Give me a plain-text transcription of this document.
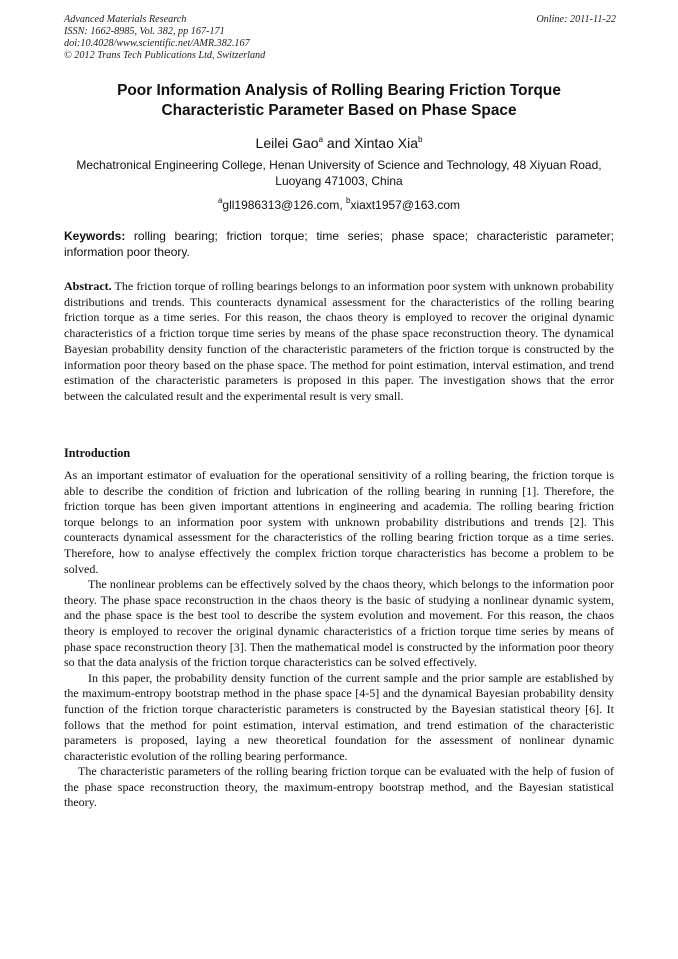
Advanced Materials Research
ISSN: 1662-8985, Vol. 382, pp 167-171
doi:10.4028/www.scientific.net/AMR.382.167
© 2012 Trans Tech Publications Ltd, Switzerland
Online: 2011-11-22
Poor Information Analysis of Rolling Bearing Friction Torque
Characteristic Parameter Based on Phase Space
Leilei Gao$^a$ and Xintao Xia$^b$
Mechatronical Engineering College, Henan University of Science and Technology, 48 Xiyuan Road,
Luoyang 471003, China
$^a$gll1986313@126.com, $^b$xiaxt1957@163.com
Keywords: rolling bearing; friction torque; time series; phase space; characteristic parameter; information poor theory.
Abstract. The friction torque of rolling bearings belongs to an information poor system with unknown probability distributions and trends. This counteracts dynamical assessment for the characteristics of the rolling bearing friction torque as a time series. For this reason, the chaos theory is employed to recover the original dynamic characteristics of a friction torque time series by means of the phase space reconstruction theory. The dynamical Bayesian probability density function of the characteristic parameters of the friction torque is constructed by the information poor theory based on the phase space. The method for point estimation, interval estimation, and trend estimation of the characteristic parameters is proposed in this paper. The investigation shows that the error between the calculated result and the experimental result is very small.
Introduction

As an important estimator of evaluation for the operational sensitivity of a rolling bearing, the friction torque is able to describe the condition of friction and lubrication of the rolling bearing in running [1]. Therefore, the friction torque has been given important attentions in engineering and academia. The rolling bearing friction torque belongs to an information poor system with unknown probability distributions and trends [2]. This counteracts dynamical assessment for the characteristics of the rolling bearing friction torque as a time series. Therefore, how to analyse effectively the complex friction torque characteristics has become a problem to be solved.

The nonlinear problems can be effectively solved by the chaos theory, which belongs to the information poor theory. The phase space reconstruction in the chaos theory is the basic of studying a nonlinear dynamic system, and the phase space is the best tool to describe the system evolution and movement. For this reason, the chaos theory is employed to recover the original dynamic characteristics of a friction torque time series by means of phase space reconstruction theory [3]. Then the mathematical model is constructed by the information poor theory so that the data analysis of the friction torque characteristics can be solved effectively.

In this paper, the probability density function of the current sample and the prior sample are established by the maximum-entropy bootstrap method in the phase space [4-5] and the dynamical Bayesian probability density function of the friction torque characteristic parameters is constructed by the Bayesian statistical theory [6]. It follows that the method for point estimation, interval estimation, and trend estimation of the characteristic parameters is proposed, laying a new theoretical foundation for the assessment of nonlinear dynamic characteristic evolution of the rolling bearing performance.

The characteristic parameters of the rolling bearing friction torque can be evaluated with the help of fusion of the phase space reconstruction theory, the maximum-entropy bootstrap method, and the Bayesian statistical theory.
